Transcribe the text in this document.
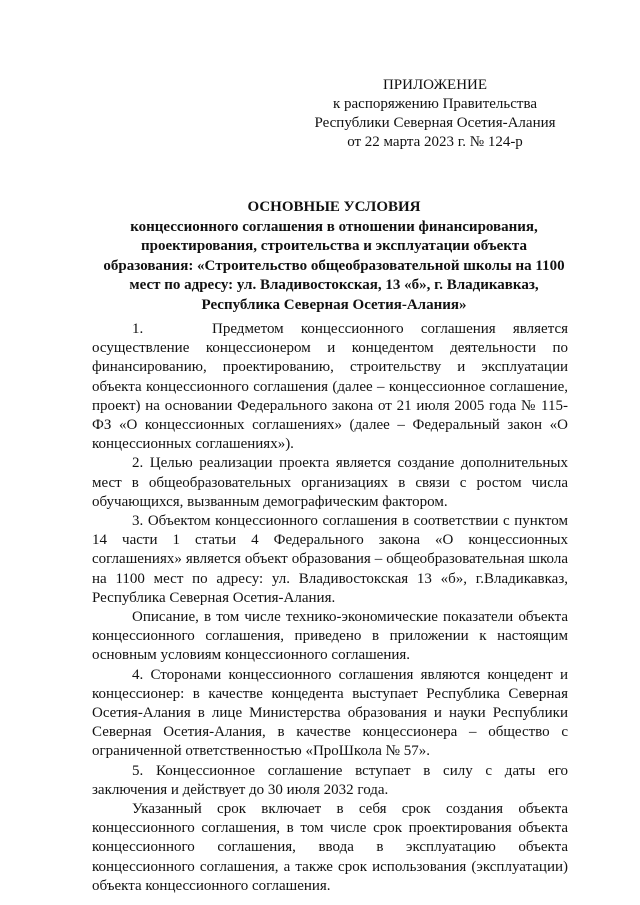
ПРИЛОЖЕНИЕ
к распоряжению Правительства
Республики Северная Осетия-Алания
от 22 марта 2023 г. № 124-р
ОСНОВНЫЕ УСЛОВИЯ
концессионного соглашения в отношении финансирования,
проектирования, строительства и эксплуатации объекта
образования: «Строительство общеобразовательной школы на 1100
мест по адресу: ул. Владивостокская, 13 «б», г. Владикавказ,
Республика Северная Осетия-Алания»

1.    Предметом концессионного соглашения является осуществление концессионером и концедентом деятельности по финансированию, проектированию, строительству и эксплуатации объекта концессионного соглашения (далее – концессионное соглашение, проект) на основании Федерального закона от 21 июля 2005 года № 115-ФЗ «О концессионных соглашениях» (далее – Федеральный закон «О концессионных соглашениях»).

2. Целью реализации проекта является создание дополнительных мест в общеобразовательных организациях в связи с ростом числа обучающихся, вызванным демографическим фактором.

3. Объектом концессионного соглашения в соответствии с пунктом 14 части 1 статьи 4 Федерального закона «О концессионных соглашениях» является объект образования – общеобразовательная школа на 1100 мест по адресу: ул. Владивостокская 13 «б», г.Владикавказ, Республика Северная Осетия-Алания.

Описание, в том числе технико-экономические показатели объекта концессионного соглашения, приведено в приложении к настоящим основным условиям концессионного соглашения.

4. Сторонами концессионного соглашения являются концедент и концессионер: в качестве концедента выступает Республика Северная Осетия-Алания в лице Министерства образования и науки Республики Северная Осетия-Алания, в качестве концессионера – общество с ограниченной ответственностью «ПроШкола № 57».

5. Концессионное соглашение вступает в силу с даты его заключения и действует до 30 июля 2032 года.

Указанный срок включает в себя срок создания объекта концессионного соглашения, в том числе срок проектирования объекта концессионного соглашения, ввода в эксплуатацию объекта концессионного соглашения, а также срок использования (эксплуатации) объекта концессионного соглашения.
